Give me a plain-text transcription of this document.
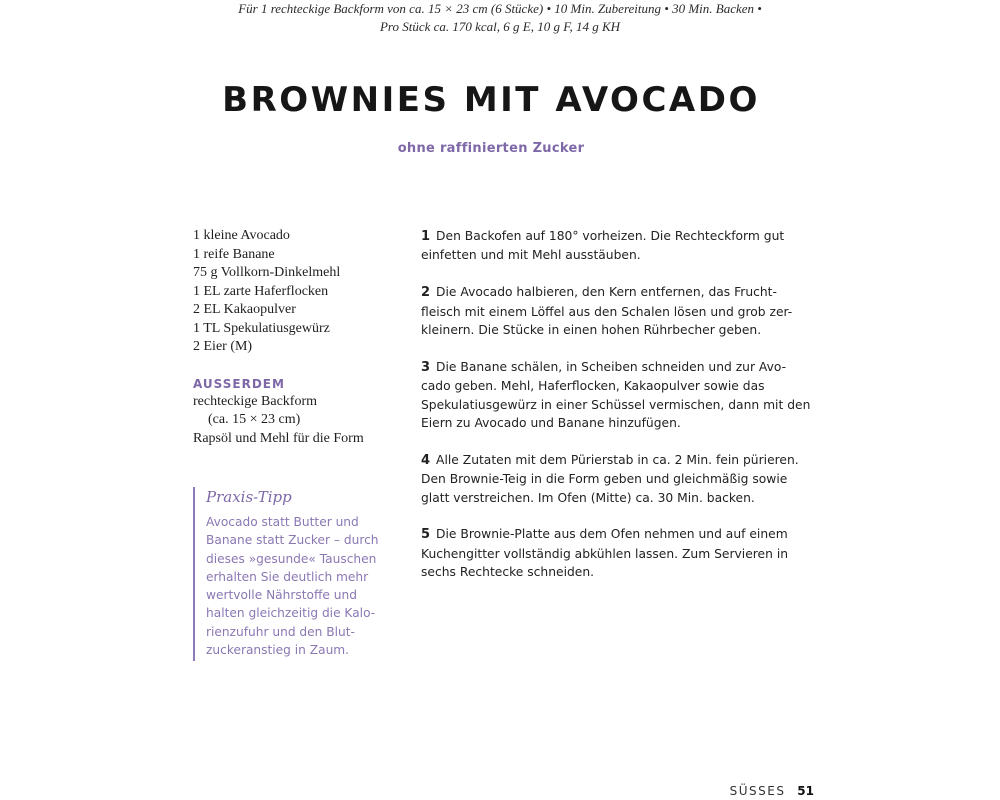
Für 1 rechteckige Backform von ca. 15 × 23 cm (6 Stücke) • 10 Min. Zubereitung • 30 Min. Backen •
Pro Stück ca. 170 kcal, 6 g E, 10 g F, 14 g KH
BROWNIES MIT AVOCADO
ohne raffinierten Zucker
1 kleine Avocado
1 reife Banane
75 g Vollkorn-Dinkelmehl
1 EL zarte Haferflocken
2 EL Kakaopulver
1 TL Spekulatiusgewürz
2 Eier (M)
AUSSERDEM
rechteckige Backform
(ca. 15 × 23 cm)
Rapsöl und Mehl für die Form
Praxis-Tipp
Avocado statt Butter und
Banane statt Zucker – durch
dieses »gesunde« Tauschen
erhalten Sie deutlich mehr
wertvolle Nährstoffe und
halten gleichzeitig die Kalo-
rienzufuhr und den Blut-
zuckeranstieg in Zaum.
1 Den Backofen auf 180° vorheizen. Die Rechteckform gut
einfetten und mit Mehl ausstäuben.
2 Die Avocado halbieren, den Kern entfernen, das Frucht-
fleisch mit einem Löffel aus den Schalen lösen und grob zer-
kleinern. Die Stücke in einen hohen Rührbecher geben.
3 Die Banane schälen, in Scheiben schneiden und zur Avo-
cado geben. Mehl, Haferflocken, Kakaopulver sowie das
Spekulatiusgewürz in einer Schüssel vermischen, dann mit den
Eiern zu Avocado und Banane hinzufügen.
4 Alle Zutaten mit dem Pürierstab in ca. 2 Min. fein pürieren.
Den Brownie-Teig in die Form geben und gleichmäßig sowie
glatt verstreichen. Im Ofen (Mitte) ca. 30 Min. backen.
5 Die Brownie-Platte aus dem Ofen nehmen und auf einem
Kuchengitter vollständig abkühlen lassen. Zum Servieren in
sechs Rechtecke schneiden.
SÜSSES 51
